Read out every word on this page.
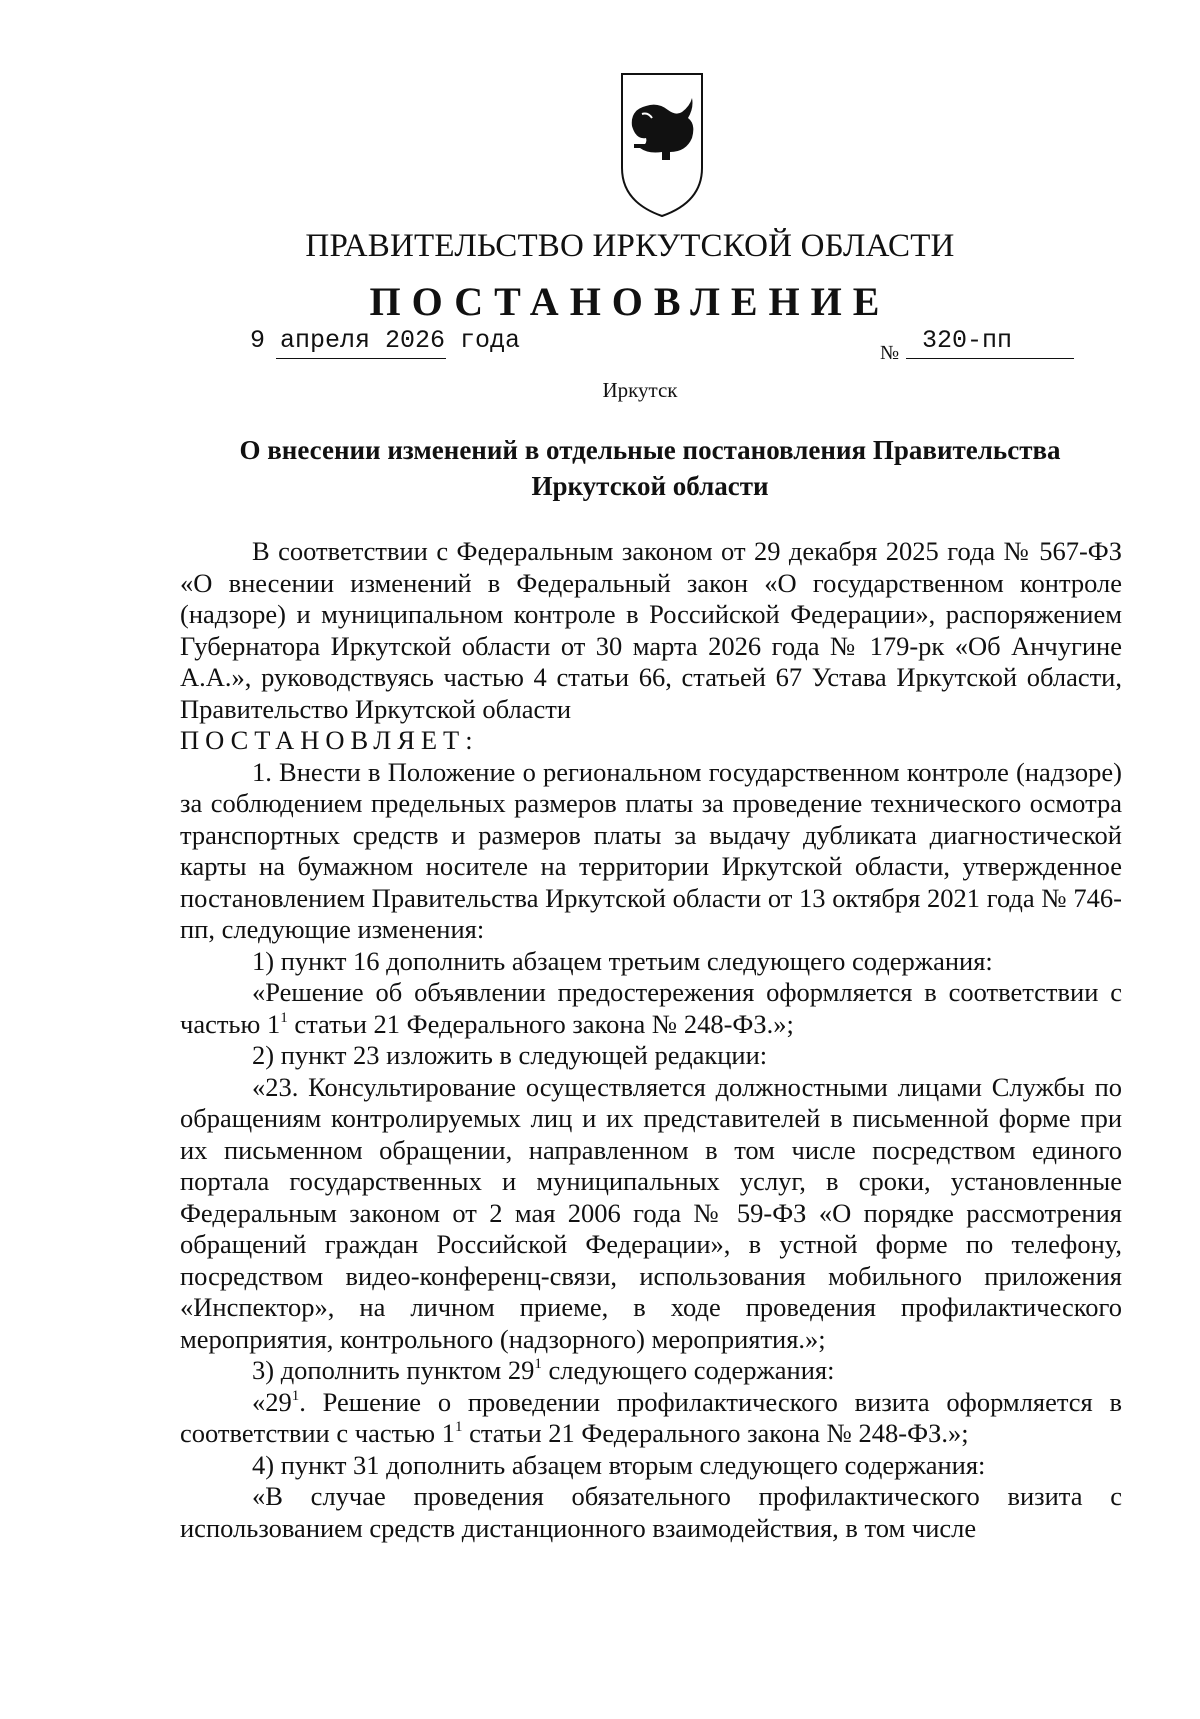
ПРАВИТЕЛЬСТВО ИРКУТСКОЙ ОБЛАСТИ
ПОСТАНОВЛЕНИЕ
9 апреля 2026 года	№ 320-пп
Иркутск
О внесении изменений в отдельные постановления Правительства
Иркутской области

В соответствии с Федеральным законом от 29 декабря 2025 года № 567-ФЗ «О внесении изменений в Федеральный закон «О государственном контроле (надзоре) и муниципальном контроле в Российской Федерации», распоряжением Губернатора Иркутской области от 30 марта 2026 года № 179-рк «Об Анчугине А.А.», руководствуясь частью 4 статьи 66, статьей 67 Устава Иркутской области, Правительство Иркутской области

ПОСТАНОВЛЯЕТ:

1. Внести в Положение о региональном государственном контроле (надзоре) за соблюдением предельных размеров платы за проведение технического осмотра транспортных средств и размеров платы за выдачу дубликата диагностической карты на бумажном носителе на территории Иркутской области, утвержденное постановлением Правительства Иркутской области от 13 октября 2021 года № 746-пп, следующие изменения:

1) пункт 16 дополнить абзацем третьим следующего содержания:

«Решение об объявлении предостережения оформляется в соответствии с частью $1^1$ статьи 21 Федерального закона № 248-ФЗ.»;

2) пункт 23 изложить в следующей редакции:

«23. Консультирование осуществляется должностными лицами Службы по обращениям контролируемых лиц и их представителей в письменной форме при их письменном обращении, направленном в том числе посредством единого портала государственных и муниципальных услуг, в сроки, установленные Федеральным законом от 2 мая 2006 года № 59-ФЗ «О порядке рассмотрения обращений граждан Российской Федерации», в устной форме по телефону, посредством видео-конференц-связи, использования мобильного приложения «Инспектор», на личном приеме, в ходе проведения профилактического мероприятия, контрольного (надзорного) мероприятия.»;

3) дополнить пунктом $29^1$ следующего содержания:

«$29^1$. Решение о проведении профилактического визита оформляется в соответствии с частью $1^1$ статьи 21 Федерального закона № 248-ФЗ.»;

4) пункт 31 дополнить абзацем вторым следующего содержания:

«В случае проведения обязательного профилактического визита с использованием средств дистанционного взаимодействия, в том числе
